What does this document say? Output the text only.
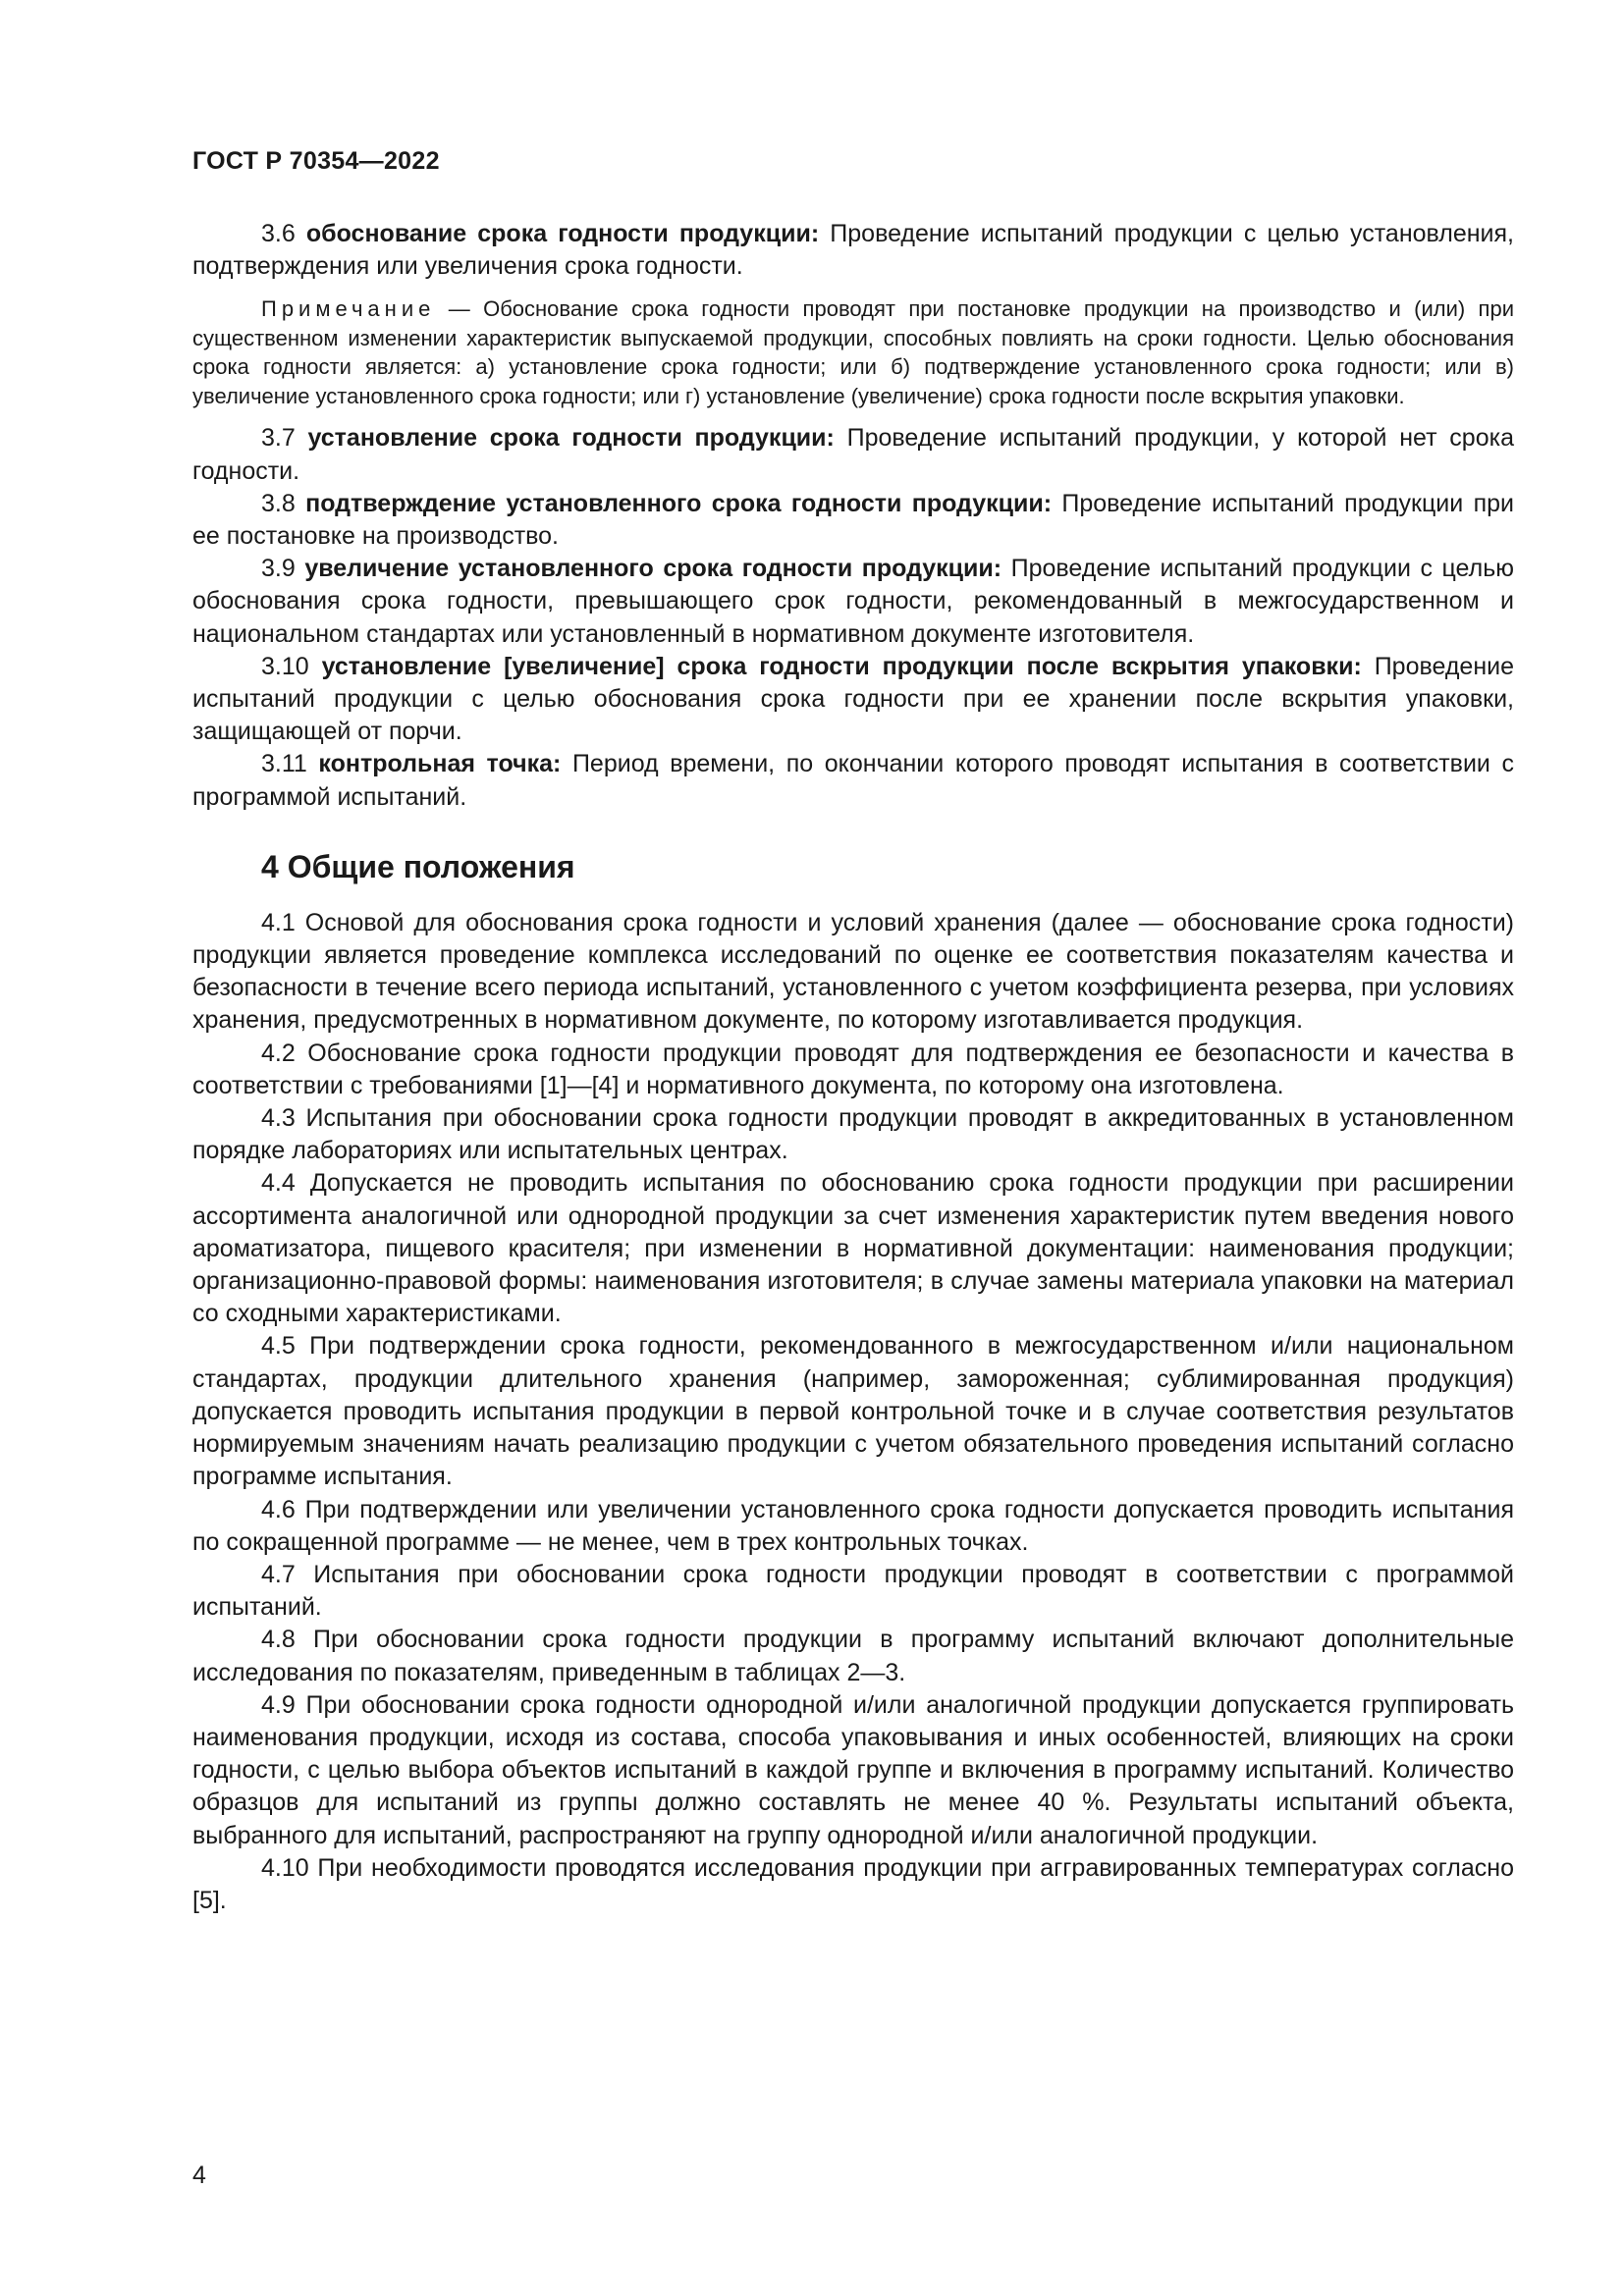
ГОСТ Р 70354—2022

3.6 обоснование срока годности продукции: Проведение испытаний продукции с целью установления, подтверждения или увеличения срока годности.

Примечание — Обоснование срока годности проводят при постановке продукции на производство и (или) при существенном изменении характеристик выпускаемой продукции, способных повлиять на сроки годности. Целью обоснования срока годности является: а) установление срока годности; или б) подтверждение установленного срока годности; или в) увеличение установленного срока годности; или г) установление (увеличение) срока годности после вскрытия упаковки.

3.7 установление срока годности продукции: Проведение испытаний продукции, у которой нет срока годности.

3.8 подтверждение установленного срока годности продукции: Проведение испытаний продукции при ее постановке на производство.

3.9 увеличение установленного срока годности продукции: Проведение испытаний продукции с целью обоснования срока годности, превышающего срок годности, рекомендованный в межгосударственном и национальном стандартах или установленный в нормативном документе изготовителя.

3.10 установление [увеличение] срока годности продукции после вскрытия упаковки: Проведение испытаний продукции с целью обоснования срока годности при ее хранении после вскрытия упаковки, защищающей от порчи.

3.11 контрольная точка: Период времени, по окончании которого проводят испытания в соответствии с программой испытаний.

4 Общие положения

4.1 Основой для обоснования срока годности и условий хранения (далее — обоснование срока годности) продукции является проведение комплекса исследований по оценке ее соответствия показателям качества и безопасности в течение всего периода испытаний, установленного с учетом коэффициента резерва, при условиях хранения, предусмотренных в нормативном документе, по которому изготавливается продукция.

4.2 Обоснование срока годности продукции проводят для подтверждения ее безопасности и качества в соответствии с требованиями [1]—[4] и нормативного документа, по которому она изготовлена.

4.3 Испытания при обосновании срока годности продукции проводят в аккредитованных в установленном порядке лабораториях или испытательных центрах.

4.4 Допускается не проводить испытания по обоснованию срока годности продукции при расширении ассортимента аналогичной или однородной продукции за счет изменения характеристик путем введения нового ароматизатора, пищевого красителя; при изменении в нормативной документации: наименования продукции; организационно-правовой формы: наименования изготовителя; в случае замены материала упаковки на материал со сходными характеристиками.

4.5 При подтверждении срока годности, рекомендованного в межгосударственном и/или национальном стандартах, продукции длительного хранения (например, замороженная; сублимированная продукция) допускается проводить испытания продукции в первой контрольной точке и в случае соответствия результатов нормируемым значениям начать реализацию продукции с учетом обязательного проведения испытаний согласно программе испытания.

4.6 При подтверждении или увеличении установленного срока годности допускается проводить испытания по сокращенной программе — не менее, чем в трех контрольных точках.

4.7 Испытания при обосновании срока годности продукции проводят в соответствии с программой испытаний.

4.8 При обосновании срока годности продукции в программу испытаний включают дополнительные исследования по показателям, приведенным в таблицах 2—3.

4.9 При обосновании срока годности однородной и/или аналогичной продукции допускается группировать наименования продукции, исходя из состава, способа упаковывания и иных особенностей, влияющих на сроки годности, с целью выбора объектов испытаний в каждой группе и включения в программу испытаний. Количество образцов для испытаний из группы должно составлять не менее 40 %. Результаты испытаний объекта, выбранного для испытаний, распространяют на группу однородной и/или аналогичной продукции.

4.10 При необходимости проводятся исследования продукции при аггравированных температурах согласно [5].

4
